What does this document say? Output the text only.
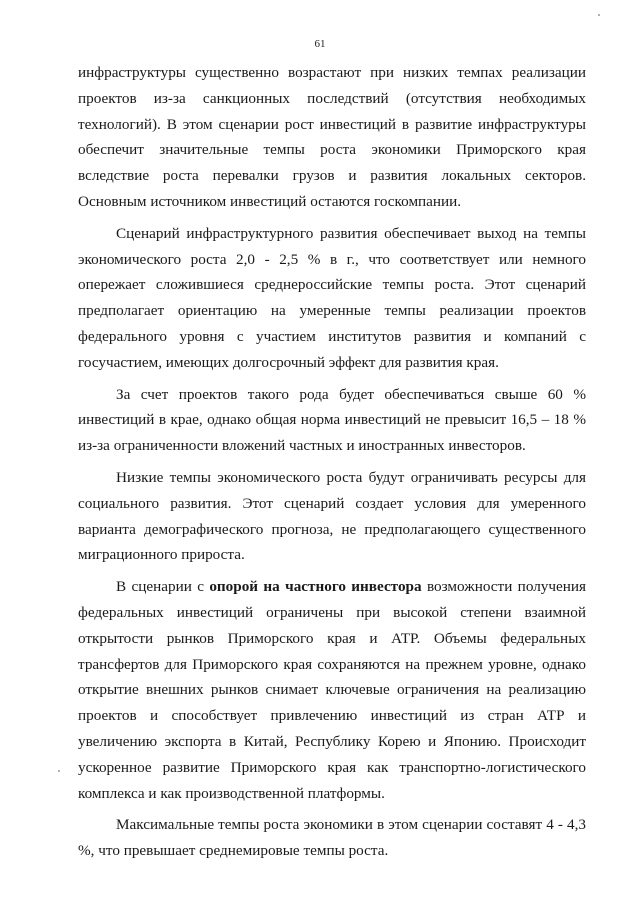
61

инфраструктуры существенно возрастают при низких темпах реализации проектов из-за санкционных последствий (отсутствия необходимых технологий). В этом сценарии рост инвестиций в развитие инфраструктуры обеспечит значительные темпы роста экономики Приморского края вследствие роста перевалки грузов и развития локальных секторов. Основным источником инвестиций остаются госкомпании.

Сценарий инфраструктурного развития обеспечивает выход на темпы экономического роста 2,0 - 2,5 % в г., что соответствует или немного опережает сложившиеся среднероссийские темпы роста. Этот сценарий предполагает ориентацию на умеренные темпы реализации проектов федерального уровня с участием институтов развития и компаний с госучастием, имеющих долгосрочный эффект для развития края.

За счет проектов такого рода будет обеспечиваться свыше 60 % инвестиций в крае, однако общая норма инвестиций не превысит 16,5 – 18 % из-за ограниченности вложений частных и иностранных инвесторов.

Низкие темпы экономического роста будут ограничивать ресурсы для социального развития. Этот сценарий создает условия для умеренного варианта демографического прогноза, не предполагающего существенного миграционного прироста.

В сценарии с опорой на частного инвестора возможности получения федеральных инвестиций ограничены при высокой степени взаимной открытости рынков Приморского края и АТР. Объемы федеральных трансфертов для Приморского края сохраняются на прежнем уровне, однако открытие внешних рынков снимает ключевые ограничения на реализацию проектов и способствует привлечению инвестиций из стран АТР и увеличению экспорта в Китай, Республику Корею и Японию. Происходит ускоренное развитие Приморского края как транспортно-логистического комплекса и как производственной платформы.

Максимальные темпы роста экономики в этом сценарии составят 4 - 4,3 %, что превышает среднемировые темпы роста.
